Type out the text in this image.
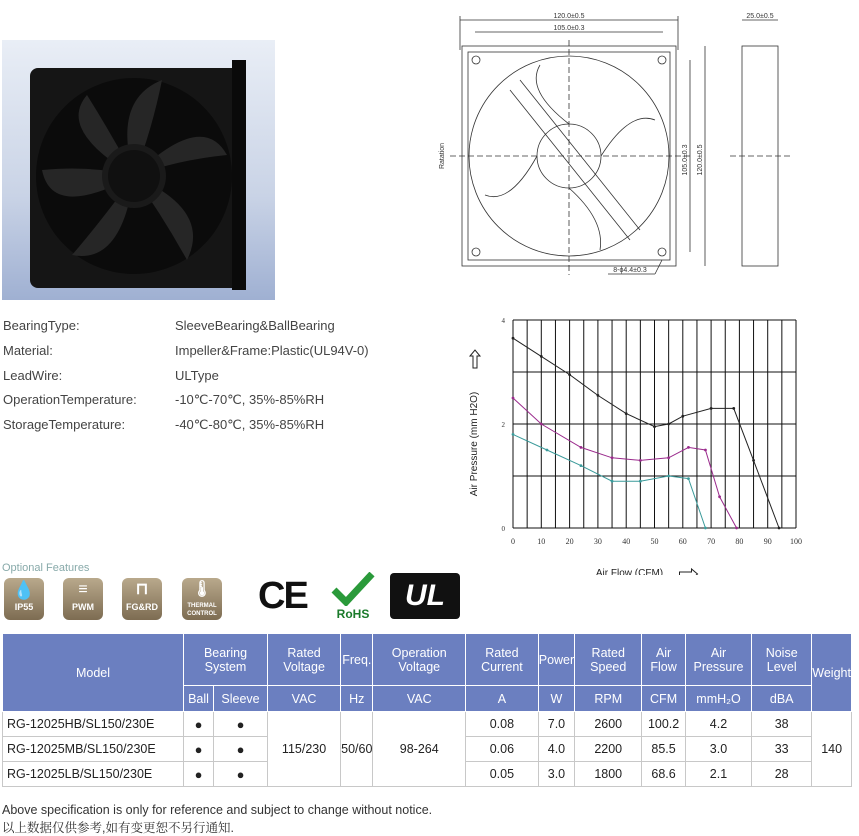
120.0±0.5
105.0±0.3
25.0±0.5
8-ϕ4.4±0.3
105.0±0.3 120.0±0.5
Ratation
BearingType:	SleeveBearing&BallBearing
Material:	Impeller&Frame:Plastic(UL94V-0)
LeadWire:	ULType
OperationTemperature:	-10℃-70℃, 35%-85%RH
StorageTemperature:	-40℃-80℃, 35%-85%RH
0	10	20	30	40	50	60	70	80	90 100
0
2
4
Air Flow (CFM)
Air Pressure (mm H2O)
Optional Features
💧
IP55
≡
PWM
⊓
FG&RD
🌡
THERMAL CONTROL CE	RoHS
UL
Model	Bearing System		Rated Voltage	Freq.	Operation Voltage	Rated Current	Power	Rated Speed	Air Flow	Air Pressure	Noise Level	Weight
	Ball	Sleeve	VAC	Hz	VAC	A	W	RPM	CFM	mmH₂O	dBA	
RG-12025HB/SL150/230E	●	●	115/230	50/60	98-264	0.08	7.0	2600	100.2	4.2	38	140
RG-12025MB/SL150/230E	●	●				0.06	4.0	2200	85.5	3.0	33	
RG-12025LB/SL150/230E	●	●				0.05	3.0	1800	68.6	2.1	28	
Above specification is only for reference and subject to change without notice.
以上数据仅供参考,如有变更恕不另行通知.
